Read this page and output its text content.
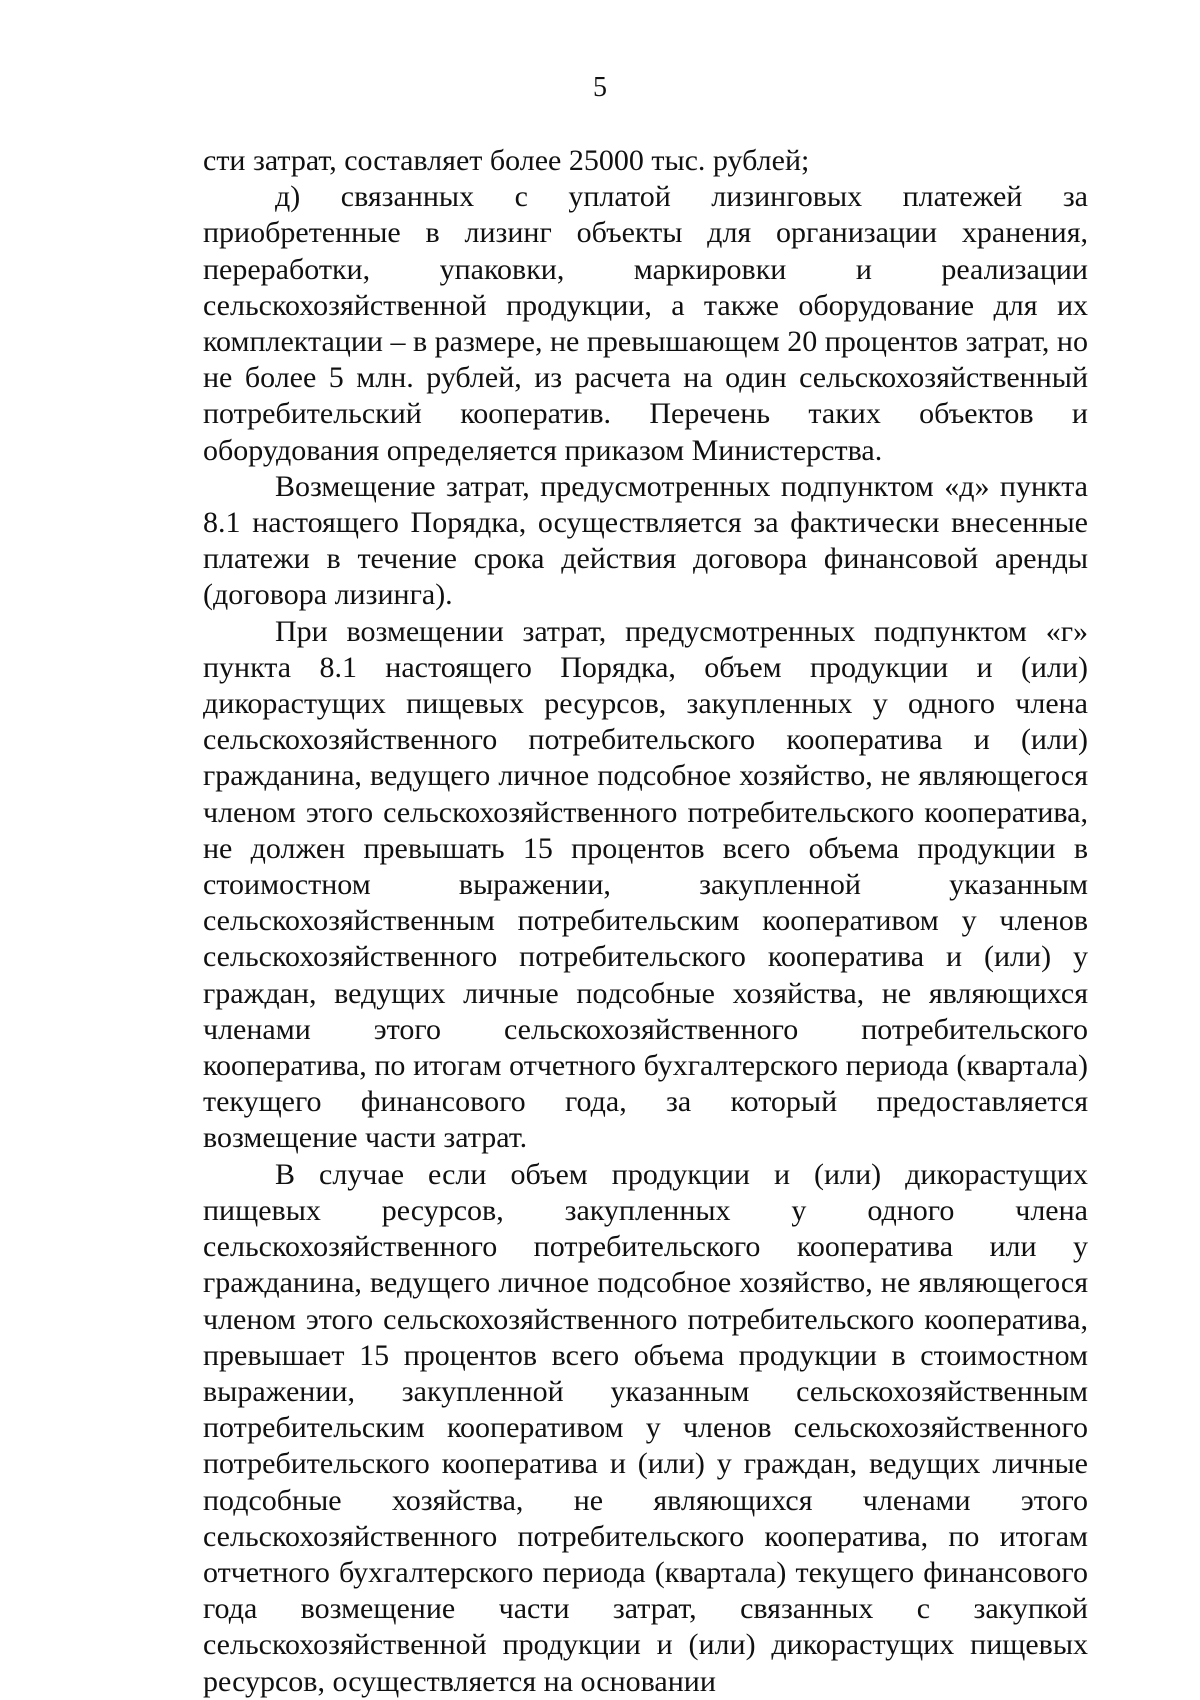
5

сти затрат, составляет более 25000 тыс. рублей;

д) связанных с уплатой лизинговых платежей за приобретенные в лизинг объекты для организации хранения, переработки, упаковки, маркировки и реализации сельскохозяйственной продукции, а также оборудование для их комплектации – в размере, не превышающем 20 процентов затрат, но не более 5 млн. рублей, из расчета на один сельскохозяйственный потребительский кооператив. Перечень таких объектов и оборудования определяется приказом Министерства.

Возмещение затрат, предусмотренных подпунктом «д» пункта 8.1 настоящего Порядка, осуществляется за фактически внесенные платежи в течение срока действия договора финансовой аренды (договора лизинга).

При возмещении затрат, предусмотренных подпунктом «г» пункта 8.1 настоящего Порядка, объем продукции и (или) дикорастущих пищевых ресурсов, закупленных у одного члена сельскохозяйственного потребительского кооператива и (или) гражданина, ведущего личное подсобное хозяйство, не являющегося членом этого сельскохозяйственного потребительского кооператива, не должен превышать 15 процентов всего объема продукции в стоимостном выражении, закупленной указанным сельскохозяйственным потребительским кооперативом у членов сельскохозяйственного потребительского кооператива и (или) у граждан, ведущих личные подсобные хозяйства, не являющихся членами этого сельскохозяйственного потребительского кооператива, по итогам отчетного бухгалтерского периода (квартала) текущего финансового года, за который предоставляется возмещение части затрат.

В случае если объем продукции и (или) дикорастущих пищевых ресурсов, закупленных у одного члена сельскохозяйственного потребительского кооператива или у гражданина, ведущего личное подсобное хозяйство, не являющегося членом этого сельскохозяйственного потребительского кооператива, превышает 15 процентов всего объема продукции в стоимостном выражении, закупленной указанным сельскохозяйственным потребительским кооперативом у членов сельскохозяйственного потребительского кооператива и (или) у граждан, ведущих личные подсобные хозяйства, не являющихся членами этого сельскохозяйственного потребительского кооператива, по итогам отчетного бухгалтерского периода (квартала) текущего финансового года возмещение части затрат, связанных с закупкой сельскохозяйственной продукции и (или) дикорастущих пищевых ресурсов, осуществляется на основании
